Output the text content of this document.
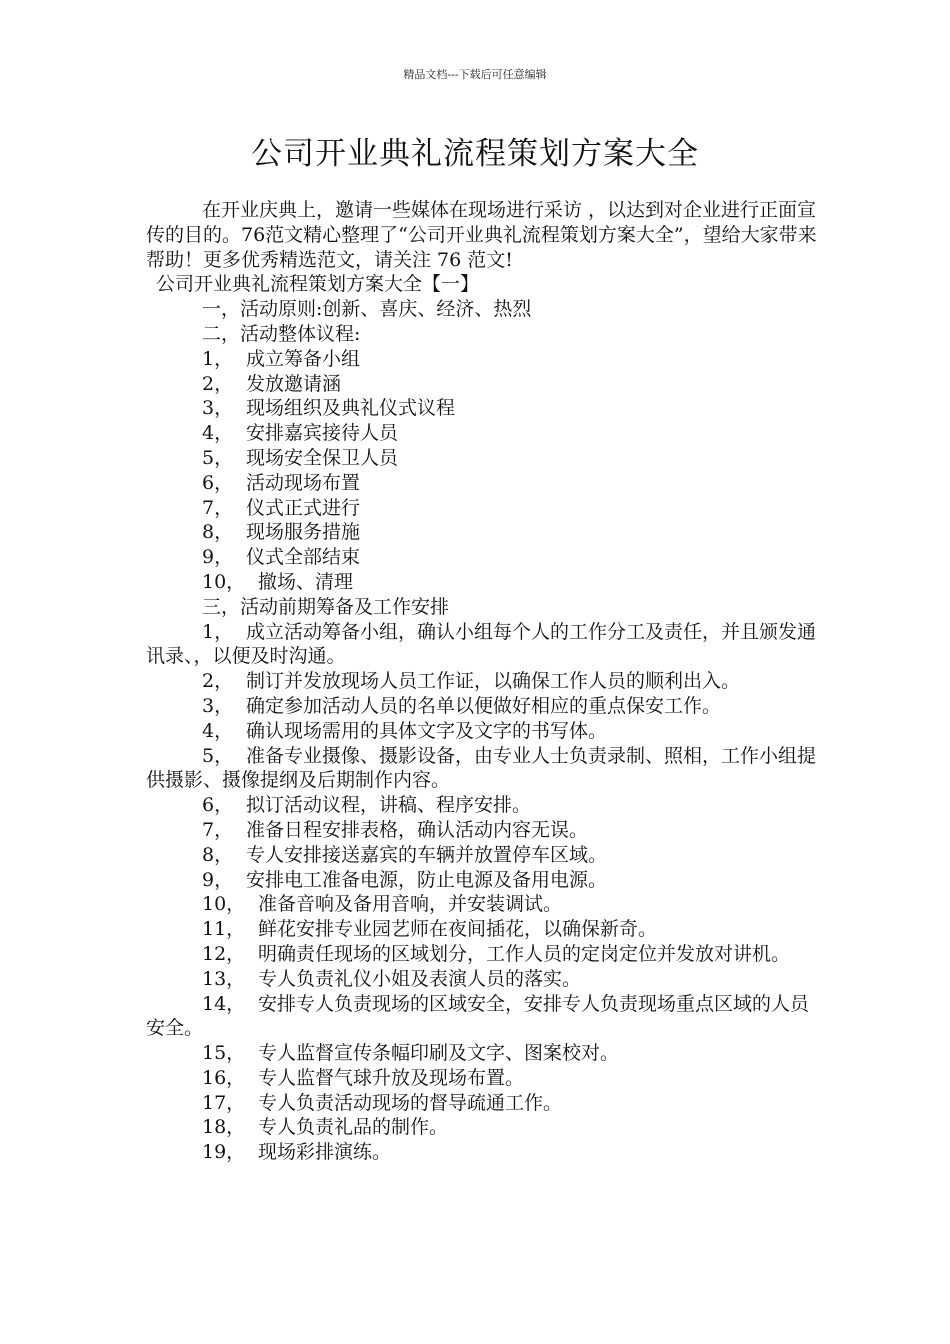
精品文档---下载后可任意编辑
公司开业典礼流程策划方案大全

在开业庆典上，邀请一些媒体在现场进行采访 ，以达到对企业进行正面宣传的目的。76范文精心整理了“公司开业典礼流程策划方案大全”，望给大家带来帮助！更多优秀精选范文，请关注 76 范文!

公司开业典礼流程策划方案大全【一】

一，活动原则:创新、喜庆、经济、热烈

二，活动整体议程:

1， 成立筹备小组

2， 发放邀请涵

3， 现场组织及典礼仪式议程

4， 安排嘉宾接待人员

5， 现场安全保卫人员

6， 活动现场布置

7， 仪式正式进行

8， 现场服务措施

9， 仪式全部结束

10， 撤场、清理

三，活动前期筹备及工作安排

1， 成立活动筹备小组，确认小组每个人的工作分工及责任，并且颁发通讯录、，以便及时沟通。

2， 制订并发放现场人员工作证，以确保工作人员的顺利出入。

3， 确定参加活动人员的名单以便做好相应的重点保安工作。

4， 确认现场需用的具体文字及文字的书写体。

5， 准备专业摄像、摄影设备，由专业人士负责录制、照相，工作小组提供摄影、摄像提纲及后期制作内容。

6， 拟订活动议程，讲稿、程序安排。

7， 准备日程安排表格，确认活动内容无误。

8， 专人安排接送嘉宾的车辆并放置停车区域。

9， 安排电工准备电源，防止电源及备用电源。

10， 准备音响及备用音响，并安装调试。

11， 鲜花安排专业园艺师在夜间插花，以确保新奇。

12， 明确责任现场的区域划分，工作人员的定岗定位并发放对讲机。

13， 专人负责礼仪小姐及表演人员的落实。

14， 安排专人负责现场的区域安全，安排专人负责现场重点区域的人员安全。

15， 专人监督宣传条幅印刷及文字、图案校对。

16， 专人监督气球升放及现场布置。

17， 专人负责活动现场的督导疏通工作。

18， 专人负责礼品的制作。

19， 现场彩排演练。
